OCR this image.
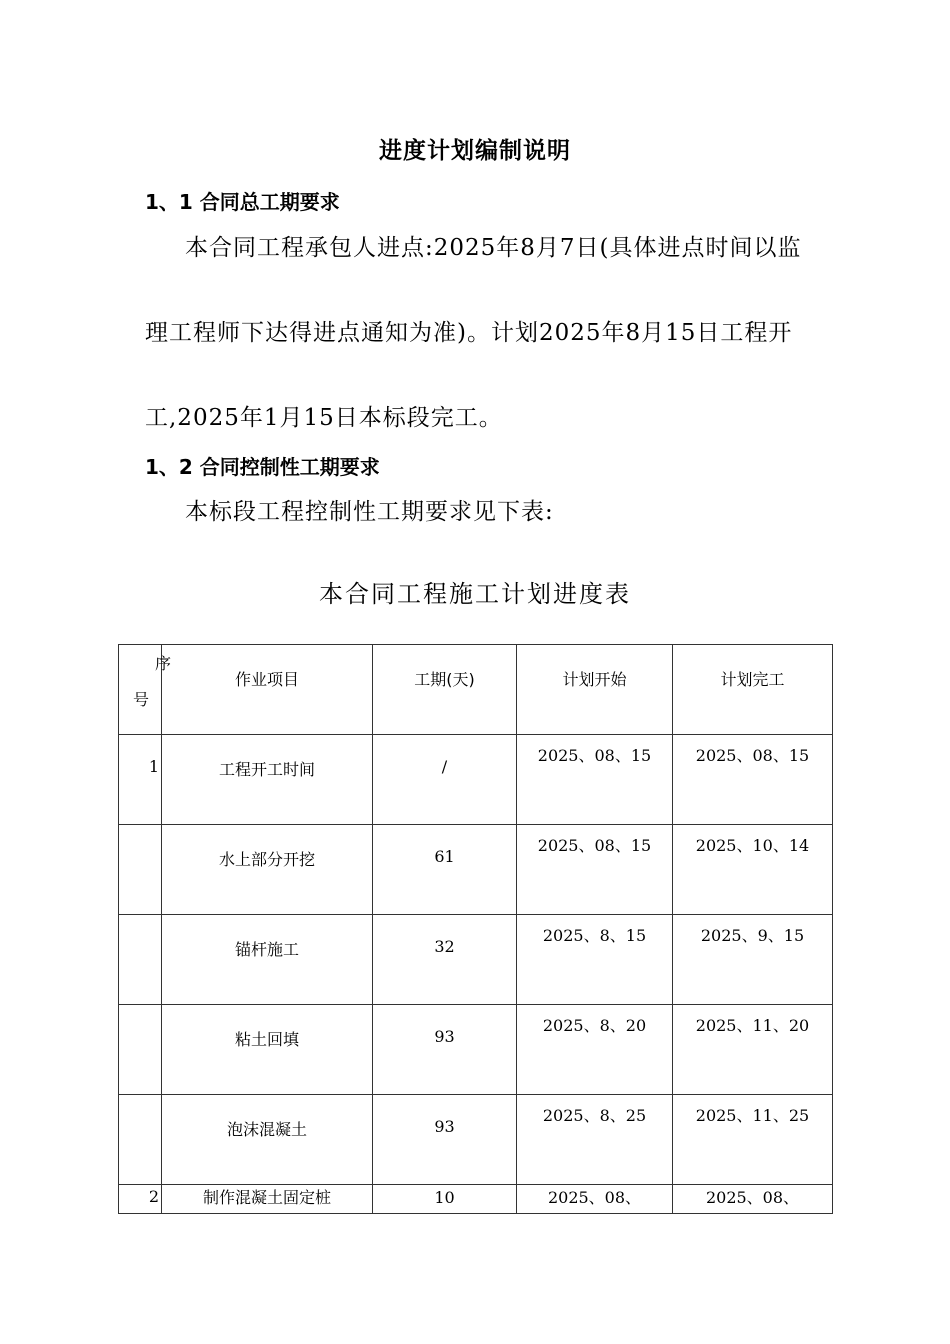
进度计划编制说明
1、1 合同总工期要求

本合同工程承包人进点:2025年8月7日(具体进点时间以监理工程师下达得进点通知为准)。计划2025年8月15日工程开工,2025年1月15日本标段完工。

1、2 合同控制性工期要求

本标段工程控制性工期要求见下表:

本合同工程施工计划进度表
序
号	作业项目	工期(天)	计划开始	计划完工

1	工程开工时间	/	2025、08、15	2025、08、15

	水上部分开挖	61	2025、08、15	2025、10、14

	锚杆施工	32	2025、8、15	2025、9、15

	粘土回填	93	2025、8、20	2025、11、20

	泡沫混凝土	93	2025、8、25	2025、11、25

2	制作混凝土固定桩	10	2025、08、	2025、08、
